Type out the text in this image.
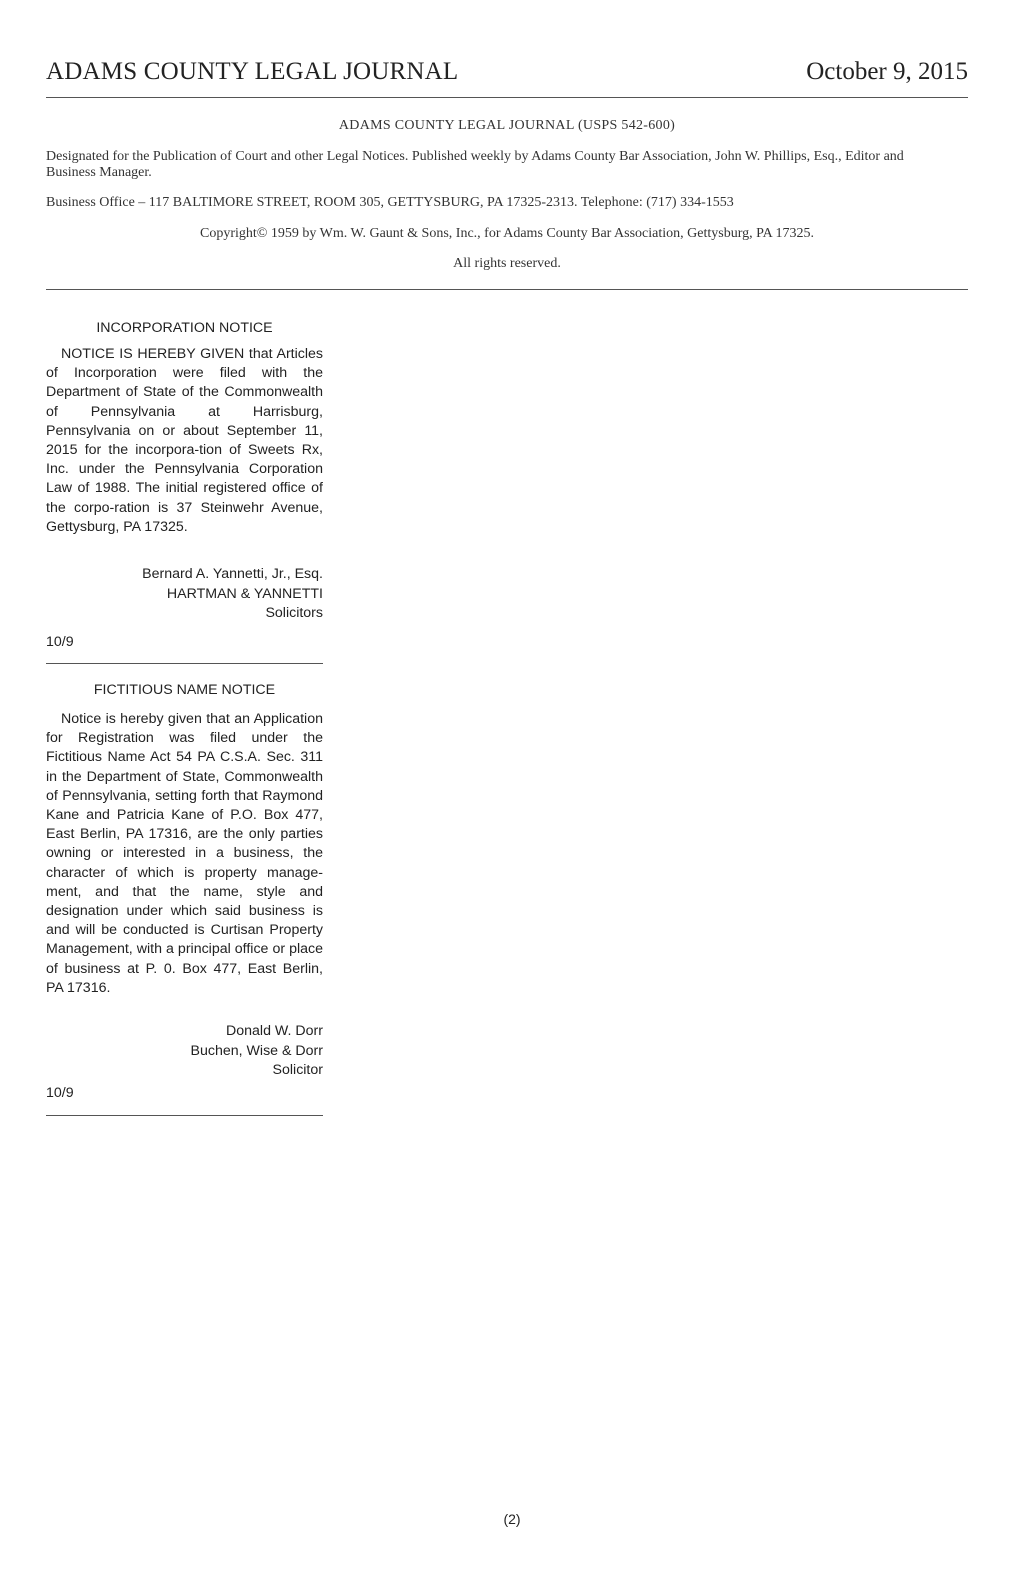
ADAMS COUNTY LEGAL JOURNAL	October 9, 2015
ADAMS COUNTY LEGAL JOURNAL (USPS 542-600)
Designated for the Publication of Court and other Legal Notices. Published weekly by Adams County Bar Association, John W. Phillips, Esq., Editor and Business Manager.
Business Office – 117 BALTIMORE STREET, ROOM 305, GETTYSBURG, PA 17325-2313. Telephone: (717) 334-1553
Copyright© 1959 by Wm. W. Gaunt & Sons, Inc., for Adams County Bar Association, Gettysburg, PA 17325.
All rights reserved.

INCORPORATION NOTICE

NOTICE IS HEREBY GIVEN that Articles of Incorporation were filed with the Department of State of the Commonwealth of Pennsylvania at Harrisburg, Pennsylvania on or about September 11, 2015 for the incorpora-tion of Sweets Rx, Inc. under the Pennsylvania Corporation Law of 1988. The initial registered office of the corpo-ration is 37 Steinwehr Avenue, Gettysburg, PA 17325.

Bernard A. Yannetti, Jr., Esq.
HARTMAN & YANNETTI
Solicitors
10/9

FICTITIOUS NAME NOTICE

Notice is hereby given that an Application for Registration was filed under the Fictitious Name Act 54 PA C.S.A. Sec. 311 in the Department of State, Commonwealth of Pennsylvania, setting forth that Raymond Kane and Patricia Kane of P.O. Box 477, East Berlin, PA 17316, are the only parties owning or interested in a business, the character of which is property manage-ment, and that the name, style and designation under which said business is and will be conducted is Curtisan Property Management, with a principal office or place of business at P. 0. Box 477, East Berlin, PA 17316.

Donald W. Dorr
Buchen, Wise & Dorr
Solicitor
10/9
(2)
